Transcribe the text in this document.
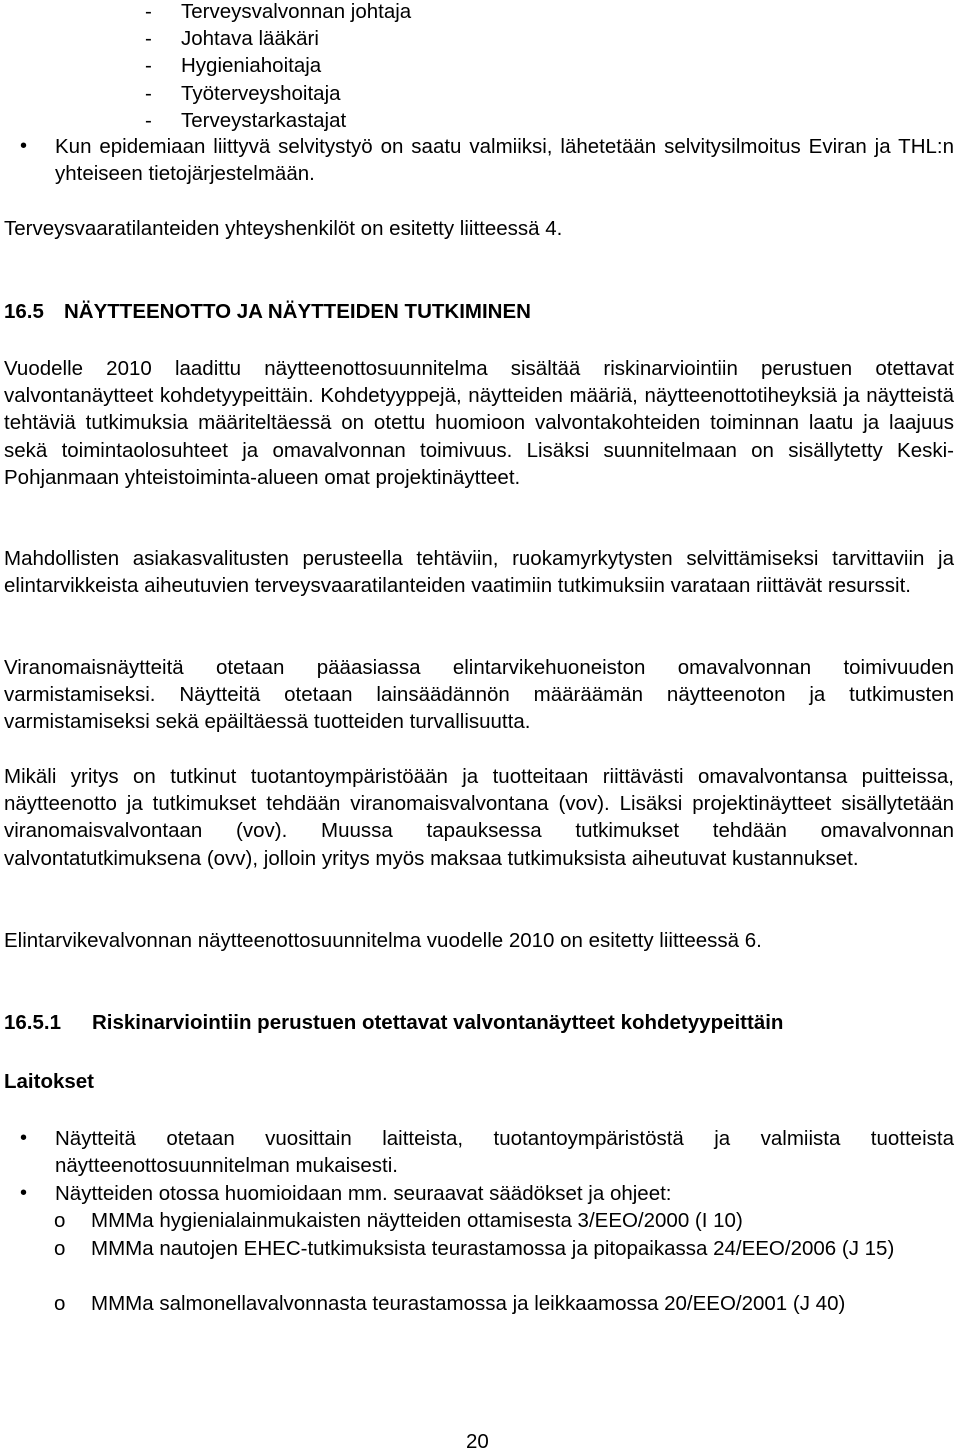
-	Terveysvalvonnan johtaja
-	Johtava lääkäri
-	Hygieniahoitaja
-	Työterveyshoitaja
-	Terveystarkastajat
•	Kun epidemiaan liittyvä selvitystyö on saatu valmiiksi, lähetetään selvitysilmoitus Eviran ja THL:n yhteiseen tietojärjestelmään.

Terveysvaaratilanteiden yhteyshenkilöt on esitetty liitteessä 4.

16.5 NÄYTTEENOTTO JA NÄYTTEIDEN TUTKIMINEN

Vuodelle 2010 laadittu näytteenottosuunnitelma sisältää riskinarviointiin perustuen otettavat valvontanäytteet kohdetyypeittäin. Kohdetyyppejä, näytteiden määriä, näytteenottotiheyksiä ja näytteistä tehtäviä tutkimuksia määriteltäessä on otettu huomioon valvontakohteiden toiminnan laatu ja laajuus sekä toimintaolosuhteet ja omavalvonnan toimivuus. Lisäksi suunnitelmaan on sisällytetty Keski-Pohjanmaan yhteistoiminta-alueen omat projektinäytteet.

Mahdollisten asiakasvalitusten perusteella tehtäviin, ruokamyrkytysten selvittämiseksi tarvittaviin ja elintarvikkeista aiheutuvien terveysvaaratilanteiden vaatimiin tutkimuksiin varataan riittävät resurssit.

Viranomaisnäytteitä otetaan pääasiassa elintarvikehuoneiston omavalvonnan toimivuuden varmistamiseksi. Näytteitä otetaan lainsäädännön määräämän näytteenoton ja tutkimusten varmistamiseksi sekä epäiltäessä tuotteiden turvallisuutta.

Mikäli yritys on tutkinut tuotantoympäristöään ja tuotteitaan riittävästi omavalvontansa puitteissa, näytteenotto ja tutkimukset tehdään viranomaisvalvontana (vov). Lisäksi projektinäytteet sisällytetään viranomaisvalvontaan (vov). Muussa tapauksessa tutkimukset tehdään omavalvonnan valvontatutkimuksena (ovv), jolloin yritys myös maksaa tutkimuksista aiheutuvat kustannukset.

Elintarvikevalvonnan näytteenottosuunnitelma vuodelle 2010 on esitetty liitteessä 6.

16.5.1	Riskinarviointiin perustuen otettavat valvontanäytteet kohdetyypeittäin
Laitokset
•	Näytteitä otetaan vuosittain laitteista, tuotantoympäristöstä ja valmiista tuotteista näytteenottosuunnitelman mukaisesti.
•	Näytteiden otossa huomioidaan mm. seuraavat säädökset ja ohjeet:
o	MMMa hygienialainmukaisten näytteiden ottamisesta 3/EEO/2000 (I 10)
o	MMMa nautojen EHEC-tutkimuksista teurastamossa ja pitopaikassa 24/EEO/2006 (J 15)
o	MMMa salmonellavalvonnasta teurastamossa ja leikkaamossa 20/EEO/2001 (J 40)
20
